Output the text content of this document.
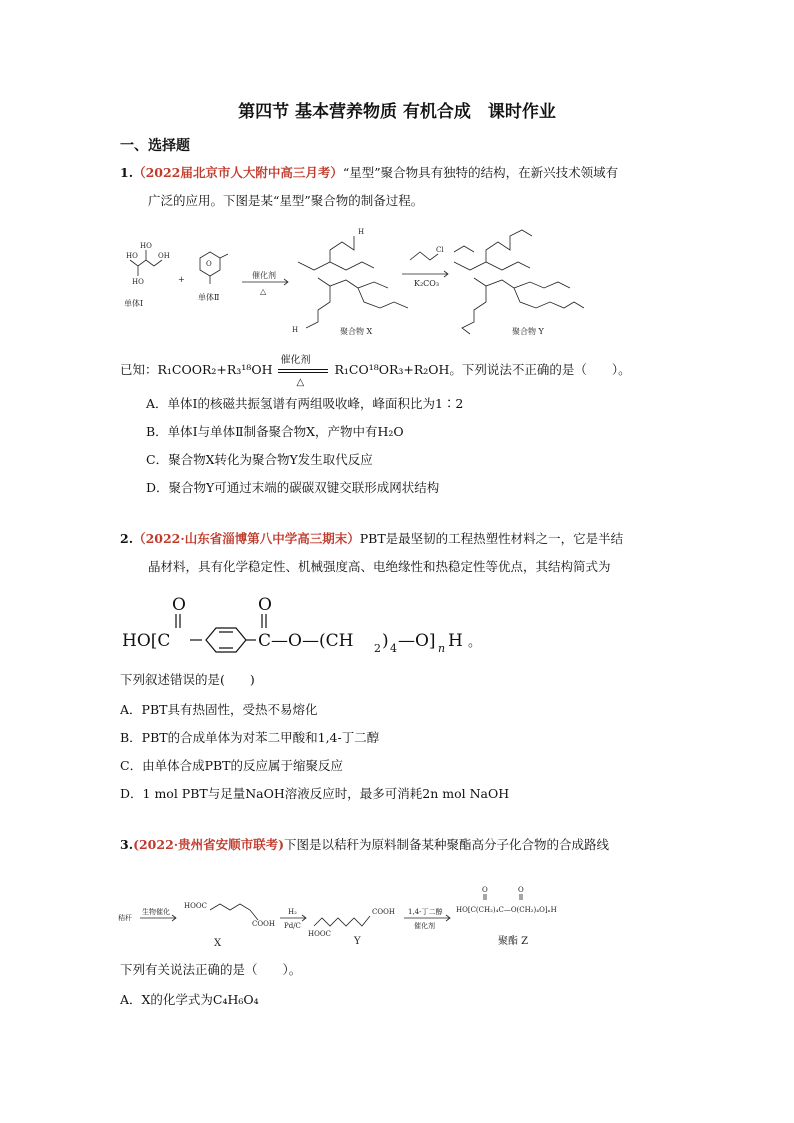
第四节 基本营养物质 有机合成　课时作业
一、选择题
1.（2022届北京市人大附中高三月考）“星型”聚合物具有独特的结构，在新兴技术领域有
广泛的应用。下图是某“星型”聚合物的制备过程。
HO	OH
HO
HO
O
H
H
Cl
单体Ⅰ
+
单体Ⅱ
催化剂
△
K₂CO₃
聚合物 X	聚合物 Y
已知：R₁COOR₂+R₃¹⁸OH
催化剂
△
R₁CO¹⁸OR₃+R₂OH。下列说法不正确的是（　　）。
A．单体Ⅰ的核磁共振氢谱有两组吸收峰，峰面积比为1∶2
B．单体Ⅰ与单体Ⅱ制备聚合物X，产物中有H₂O
C．聚合物X转化为聚合物Y发生取代反应
D．聚合物Y可通过末端的碳碳双键交联形成网状结构
2.（2022·山东省淄博第八中学高三期末）PBT是最坚韧的工程热塑性材料之一，它是半结
晶材料，具有化学稳定性、机械强度高、电绝缘性和热稳定性等优点，其结构简式为
O	O
HO[C	C—O—(CH 2 ) 4 —O] n H 。
下列叙述错误的是(　　)
A．PBT具有热固性，受热不易熔化
B．PBT的合成单体为对苯二甲酸和1,4-丁二醇
C．由单体合成PBT的反应属于缩聚反应
D．1 mol PBT与足量NaOH溶液反应时，最多可消耗2n mol NaOH
3.(2022·贵州省安顺市联考)下图是以秸秆为原料制备某种聚酯高分子化合物的合成路线
秸秆
生物催化
HOOC
COOH
H₂
Pd/C
COOH
HOOC
1,4-丁二醇
催化剂
HO[C(CH₂)₄C—O(CH₂)₄O]ₙH
O	O
X	Y	聚酯 Z
下列有关说法正确的是（　　）。
A．X的化学式为C₄H₆O₄
